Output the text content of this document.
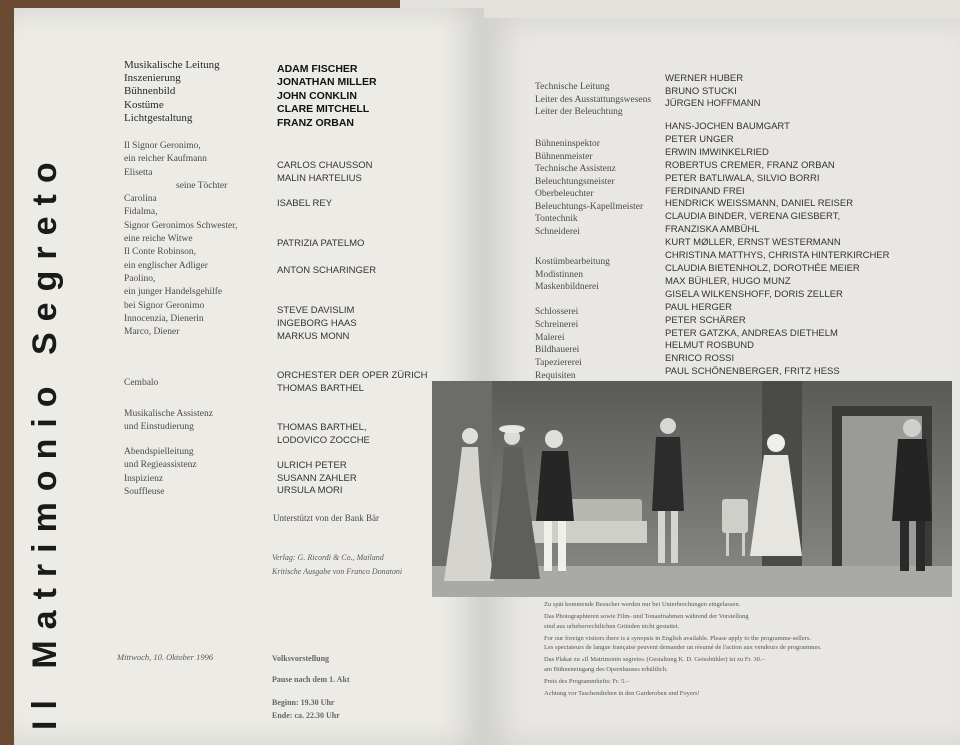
Il Matrimonio Segreto
Musikalische Leitung
Inszenierung
Bühnenbild
Kostüme
Lichtgestaltung
ADAM FISCHER
JONATHAN MILLER
JOHN CONKLIN
CLARE MITCHELL
FRANZ ORBAN
Il Signor Geronimo,
ein reicher Kaufmann
Elisetta
seine Töchter
Carolina
Fidalma,
Signor Geronimos Schwester,
eine reiche Witwe
Il Conte Robinson,
ein englischer Adliger
Paolino,
ein junger Handelsgehilfe
bei Signor Geronimo
Innocenzia, Dienerin
Marco, Diener
CARLOS CHAUSSON
MALIN HARTELIUS
ISABEL REY
PATRIZIA PATELMO
ANTON SCHARINGER
STEVE DAVISLIM
INGEBORG HAAS
MARKUS MONN
Cembalo
ORCHESTER DER OPER ZÜRICH
THOMAS BARTHEL
Musikalische Assistenz
und Einstudierung	THOMAS BARTHEL,
LODOVICO ZOCCHE
Abendspielleitung
und Regieassistenz
Inspizienz
Souffleuse
ULRICH PETER
SUSANN ZAHLER
URSULA MORI
Unterstützt von der Bank Bär
Verlag: G. Ricordi & Co., Mailand
Kritische Ausgabe von Franco Donatoni
Mittwoch, 10. Oktober 1996	Volksvorstellung
Pause nach dem 1. Akt
Beginn: 19.30 Uhr
Ende: ca. 22.30 Uhr
Technische Leitung
Leiter des Ausstattungswesens
Leiter der Beleuchtung
WERNER HUBER
BRUNO STUCKI
JÜRGEN HOFFMANN
Bühneninspektor
Bühnenmeister
Technische Assistenz
Beleuchtungsmeister
Oberbeleuchter
Beleuchtungs-Kapellmeister
Tontechnik
Schneiderei
HANS-JOCHEN BAUMGART
PETER UNGER
ERWIN IMWINKELRIED
ROBERTUS CREMER, FRANZ ORBAN
PETER BATLIWALA, SILVIO BORRI
FERDINAND FREI
HENDRICK WEISSMANN, DANIEL REISER
CLAUDIA BINDER, VERENA GIESBERT,
FRANZISKA AMBÜHL
KURT MØLLER, ERNST WESTERMANN
CHRISTINA MATTHYS, CHRISTA HINTERKIRCHER
CLAUDIA BIETENHOLZ, DOROTHÉE MEIER
MAX BÜHLER, HUGO MUNZ
GISELA WILKENSHOFF, DORIS ZELLER
Kostümbearbeitung
Modistinnen
Maskenbildnerei
Schlosserei
Schreinerei
Malerei
Bildhauerei
Tapeziererei
Requisiten
PAUL HERGER
PETER SCHÄRER
PETER GATZKA, ANDREAS DIETHELM
HELMUT ROSBUND
ENRICO ROSSI
PAUL SCHÖNENBERGER, FRITZ HESS
Zu spät kommende Besucher werden nur bei Unterbrechungen eingelassen.
Das Photographieren sowie Film- und Tonaufnahmen während der Vorstellung
sind aus urheberrechtlichen Gründen nicht gestattet.
For our foreign visitors there is a synopsis in English available. Please apply to the programme-sellers.
Les spectateurs de langue française peuvent demander un résumé de l'action aux vendeurs de programmes.
Das Plakat zu «Il Matrimonio segreto» (Gestaltung K. D. Geissbühler) ist zu Fr. 30.–
am Bühneneingang des Opernhauses erhältlich.
Preis des Programmhefts: Fr. 5.–
Achtung vor Taschendieben in den Garderoben und Foyers!
